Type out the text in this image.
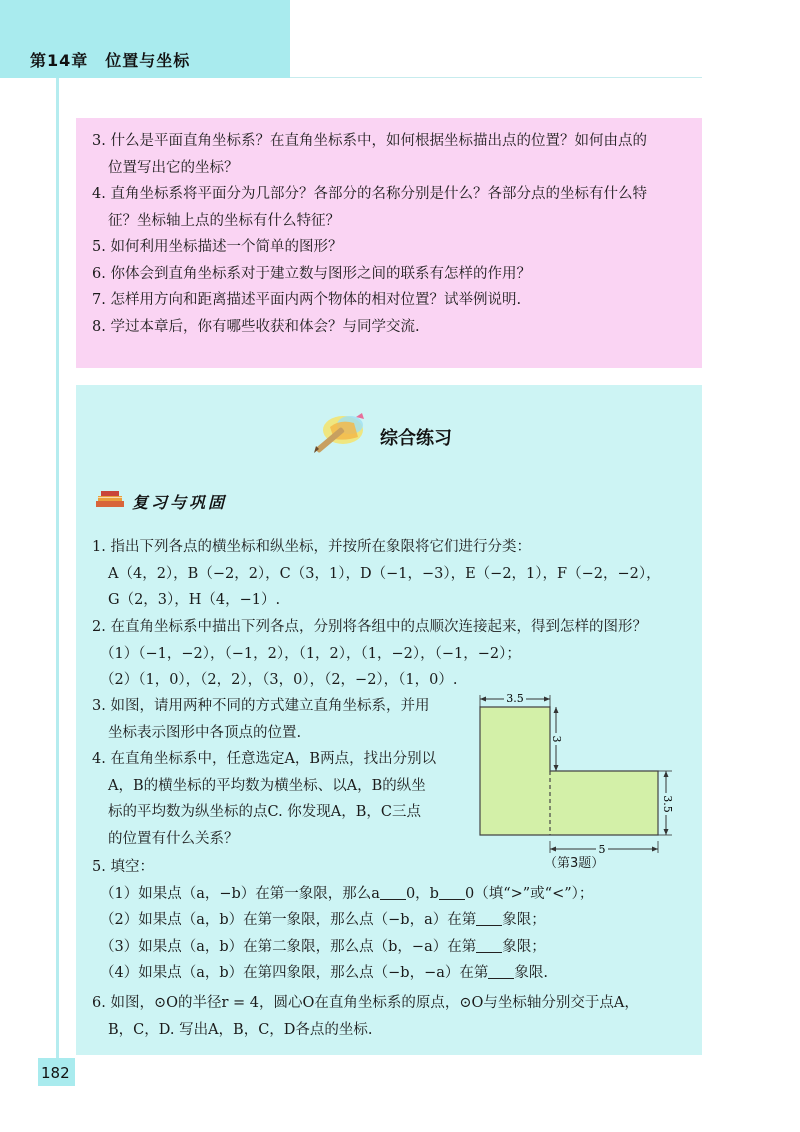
第14章　位置与坐标
3. 什么是平面直角坐标系？在直角坐标系中，如何根据坐标描出点的位置？如何由点的
位置写出它的坐标？
4. 直角坐标系将平面分为几部分？各部分的名称分别是什么？各部分点的坐标有什么特
征？坐标轴上点的坐标有什么特征？
5. 如何利用坐标描述一个简单的图形？
6. 你体会到直角坐标系对于建立数与图形之间的联系有怎样的作用？
7. 怎样用方向和距离描述平面内两个物体的相对位置？试举例说明.
8. 学过本章后，你有哪些收获和体会？与同学交流.
综合练习
复习与巩固
1. 指出下列各点的横坐标和纵坐标，并按所在象限将它们进行分类：
A（4，2），B（−2，2），C（3，1），D（−1，−3），E（−2，1），F（−2，−2），
G（2，3），H（4，−1）.
2. 在直角坐标系中描出下列各点，分别将各组中的点顺次连接起来，得到怎样的图形？
（1）（−1，−2），（−1，2），（1，2），（1，−2），（−1，−2）；
（2）（1，0），（2，2），（3，0），（2，−2），（1，0）.
3. 如图，请用两种不同的方式建立直角坐标系，并用
坐标表示图形中各顶点的位置.
4. 在直角坐标系中，任意选定A，B两点，找出分别以
A，B的横坐标的平均数为横坐标、以A，B的纵坐
标的平均数为纵坐标的点C. 你发现A，B，C三点
的位置有什么关系？
3.5
3
3.5
5
（第3题）
5. 填空：
（1）如果点（a，−b）在第一象限，那么a 0，b 0（填“>”或“<”）；
（2）如果点（a，b）在第一象限，那么点（−b，a）在第 象限；
（3）如果点（a，b）在第二象限，那么点（b，−a）在第 象限；
（4）如果点（a，b）在第四象限，那么点（−b，−a）在第 象限.
6. 如图，⊙O的半径r = 4，圆心O在直角坐标系的原点，⊙O与坐标轴分别交于点A，
B，C，D. 写出A，B，C，D各点的坐标.
182
